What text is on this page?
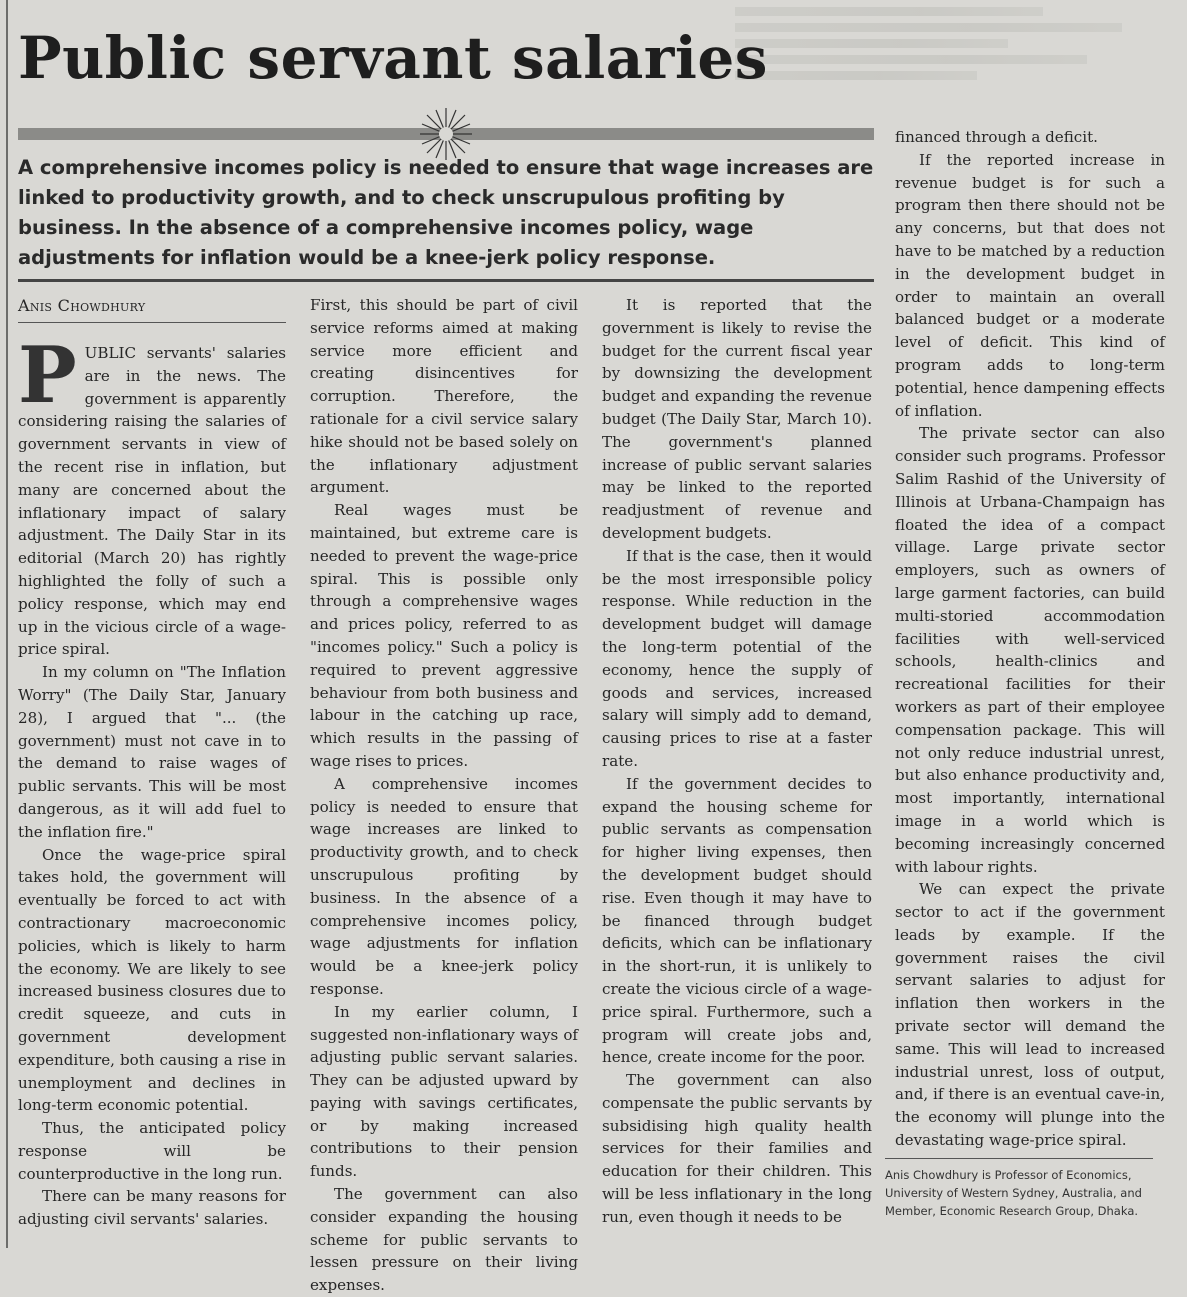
Public servant salaries

A comprehensive incomes policy is needed to ensure that wage increases are linked to productivity growth, and to check unscrupulous profiting by business. In the absence of a comprehensive incomes policy, wage adjustments for inflation would be a knee-jerk policy response.

Anis Chowdhury

PUBLIC servants' salaries are in the news. The government is apparently considering raising the salaries of government servants in view of the recent rise in inflation, but many are concerned about the inflationary impact of salary adjustment. The Daily Star in its editorial (March 20) has rightly highlighted the folly of such a policy response, which may end up in the vicious circle of a wage-price spiral.

In my column on "The Inflation Worry" (The Daily Star, January 28), I argued that "... (the government) must not cave in to the demand to raise wages of public servants. This will be most dangerous, as it will add fuel to the inflation fire."

Once the wage-price spiral takes hold, the government will eventually be forced to act with contractionary macroeconomic policies, which is likely to harm the economy. We are likely to see increased business closures due to credit squeeze, and cuts in government development expenditure, both causing a rise in unemployment and declines in long-term economic potential.

Thus, the anticipated policy response will be counterproductive in the long run.

There can be many reasons for adjusting civil servants' salaries.

First, this should be part of civil service reforms aimed at making service more efficient and creating disincentives for corruption. Therefore, the rationale for a civil service salary hike should not be based solely on the inflationary adjustment argument.

Real wages must be maintained, but extreme care is needed to prevent the wage-price spiral. This is possible only through a comprehensive wages and prices policy, referred to as "incomes policy." Such a policy is required to prevent aggressive behaviour from both business and labour in the catching up race, which results in the passing of wage rises to prices.

A comprehensive incomes policy is needed to ensure that wage increases are linked to productivity growth, and to check unscrupulous profiting by business. In the absence of a comprehensive incomes policy, wage adjustments for inflation would be a knee-jerk policy response.

In my earlier column, I suggested non-inflationary ways of adjusting public servant salaries. They can be adjusted upward by paying with savings certificates, or by making increased contributions to their pension funds.

The government can also consider expanding the housing scheme for public servants to lessen pressure on their living expenses.

It is reported that the government is likely to revise the budget for the current fiscal year by downsizing the development budget and expanding the revenue budget (The Daily Star, March 10). The government's planned increase of public servant salaries may be linked to the reported readjustment of revenue and development budgets.

If that is the case, then it would be the most irresponsible policy response. While reduction in the development budget will damage the long-term potential of the economy, hence the supply of goods and services, increased salary will simply add to demand, causing prices to rise at a faster rate.

If the government decides to expand the housing scheme for public servants as compensation for higher living expenses, then the development budget should rise. Even though it may have to be financed through budget deficits, which can be inflationary in the short-run, it is unlikely to create the vicious circle of a wage-price spiral. Furthermore, such a program will create jobs and, hence, create income for the poor.

The government can also compensate the public servants by subsidising high quality health services for their families and education for their children. This will be less inflationary in the long run, even though it needs to be

financed through a deficit.

If the reported increase in revenue budget is for such a program then there should not be any concerns, but that does not have to be matched by a reduction in the development budget in order to maintain an overall balanced budget or a moderate level of deficit. This kind of program adds to long-term potential, hence dampening effects of inflation.

The private sector can also consider such programs. Professor Salim Rashid of the University of Illinois at Urbana-Champaign has floated the idea of a compact village. Large private sector employers, such as owners of large garment factories, can build multi-storied accommodation facilities with well-serviced schools, health-clinics and recreational facilities for their workers as part of their employee compensation package. This will not only reduce industrial unrest, but also enhance productivity and, most importantly, international image in a world which is becoming increasingly concerned with labour rights.

We can expect the private sector to act if the government leads by example. If the government raises the civil servant salaries to adjust for inflation then workers in the private sector will demand the same. This will lead to increased industrial unrest, loss of output, and, if there is an eventual cave-in, the economy will plunge into the devastating wage-price spiral.

Anis Chowdhury is Professor of Economics, University of Western Sydney, Australia, and Member, Economic Research Group, Dhaka.
